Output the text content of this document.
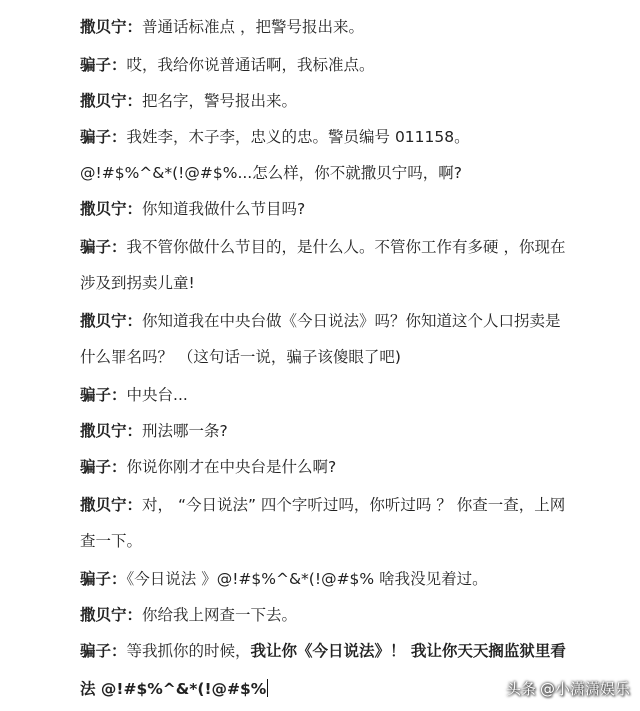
撒贝宁：普通话标准点 ，把警号报出来。
骗子：哎，我给你说普通话啊，我标准点。
撒贝宁：把名字，警号报出来。
骗子：我姓李，木子李，忠义的忠。警员编号 011158。
@!#$%^&*(!@#$%...怎么样，你不就撒贝宁吗，啊?
撒贝宁：你知道我做什么节目吗?
骗子：我不管你做什么节目的，是什么人。不管你工作有多硬 ，你现在
涉及到拐卖儿童!
撒贝宁：你知道我在中央台做《今日说法》吗？你知道这个人口拐卖是
什么罪名吗？ （这句话一说，骗子该傻眼了吧)
骗子：中央台...
撒贝宁：刑法哪一条?
骗子：你说你刚才在中央台是什么啊?
撒贝宁：对， “今日说法” 四个字听过吗，你听过吗 ？ 你查一查，上网
查一下。
骗子：《今日说法 》@!#$%^&*(!@#$% 啥我没见着过。
撒贝宁：你给我上网查一下去。
骗子：等我抓你的时候，我让你《今日说法》！ 我让你天天搁监狱里看
法 @!#$%^&*(!@#$%	头条 @小潇潇娱乐
